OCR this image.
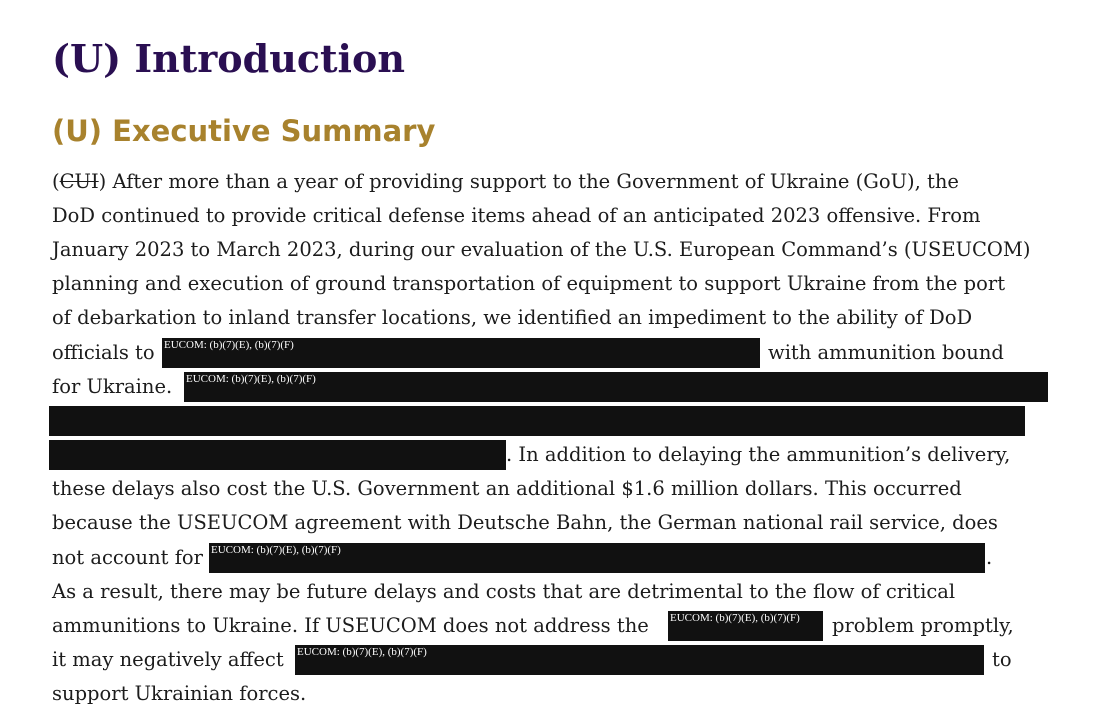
(U) Introduction
(U) Executive Summary
(CUI) After more than a year of providing support to the Government of Ukraine (GoU), the
DoD continued to provide critical defense items ahead of an anticipated 2023 offensive. From
January 2023 to March 2023, during our evaluation of the U.S. European Command’s (USEUCOM)
planning and execution of ground transportation of equipment to support Ukraine from the port
of debarkation to inland transfer locations, we identified an impediment to the ability of DoD
officials to EUCOM: (b)(7)(E), (b)(7)(F)	with ammunition bound
for Ukraine. EUCOM: (b)(7)(E), (b)(7)(F)
. In addition to delaying the ammunition’s delivery,
these delays also cost the U.S. Government an additional $1.6 million dollars. This occurred
because the USEUCOM agreement with Deutsche Bahn, the German national rail service, does
not account for EUCOM: (b)(7)(E), (b)(7)(F)	.
As a result, there may be future delays and costs that are detrimental to the flow of critical
ammunitions to Ukraine. If USEUCOM does not address the EUCOM: (b)(7)(E), (b)(7)(F) problem promptly,
it may negatively affect EUCOM: (b)(7)(E), (b)(7)(F)	to
support Ukrainian forces.
